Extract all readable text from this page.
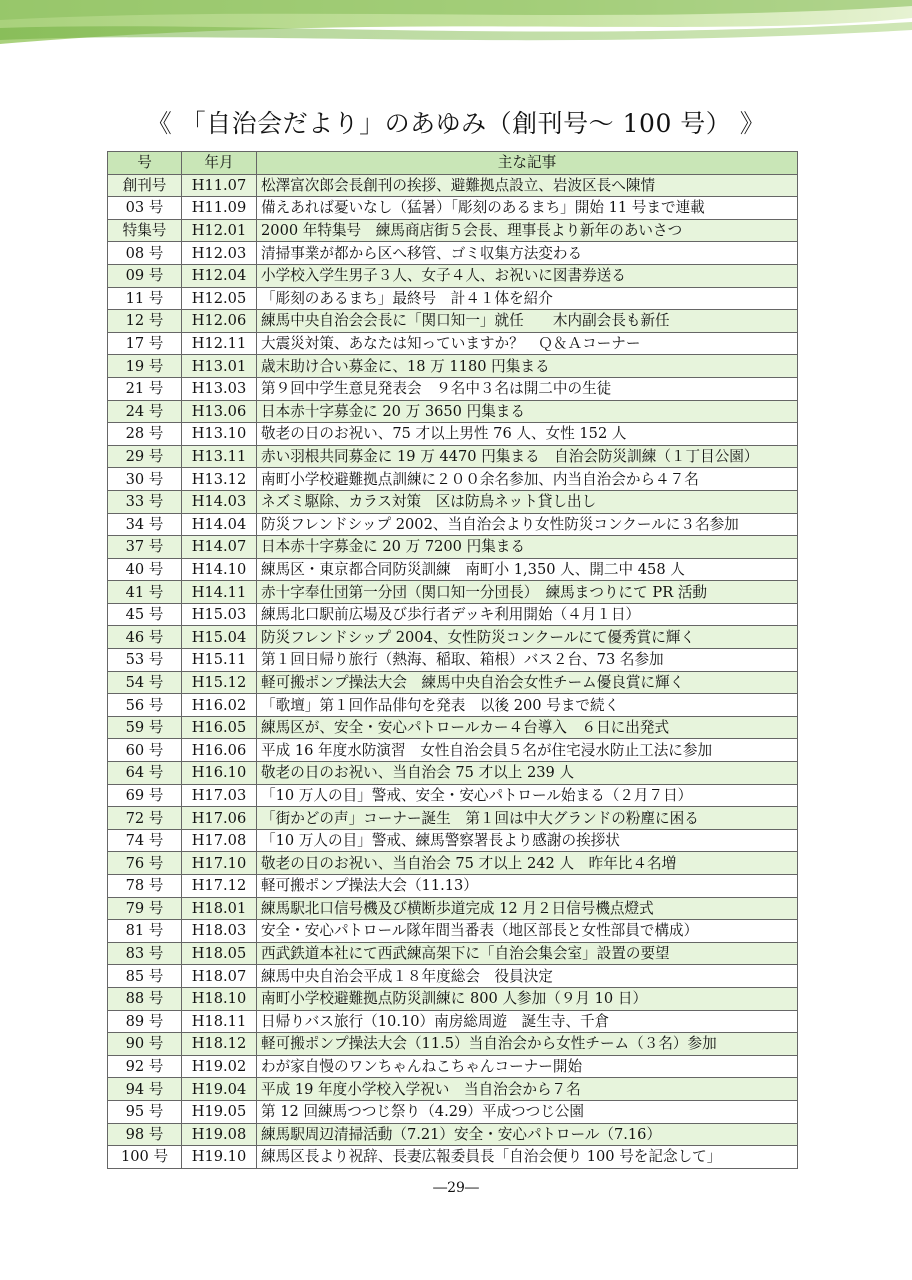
《 「自治会だより」のあゆみ（創刊号～ 100 号） 》
号	年月	主な記事
創刊号	H11.07	松澤富次郎会長創刊の挨拶、避難拠点設立、岩波区長へ陳情
03 号	H11.09	備えあれば憂いなし（猛暑）「彫刻のあるまち」開始 11 号まで連載
特集号	H12.01	2000 年特集号　練馬商店街５会長、理事長より新年のあいさつ
08 号	H12.03	清掃事業が都から区へ移管、ゴミ収集方法変わる
09 号	H12.04	小学校入学生男子３人、女子４人、お祝いに図書券送る
11 号	H12.05	「彫刻のあるまち」最終号　計４１体を紹介
12 号	H12.06	練馬中央自治会会長に「関口知一」就任　　木内副会長も新任
17 号	H12.11	大震災対策、あなたは知っていますか？　Ｑ＆Ａコーナー
19 号	H13.01	歳末助け合い募金に、18 万 1180 円集まる
21 号	H13.03	第９回中学生意見発表会　９名中３名は開二中の生徒
24 号	H13.06	日本赤十字募金に 20 万 3650 円集まる
28 号	H13.10	敬老の日のお祝い、75 才以上男性 76 人、女性 152 人
29 号	H13.11	赤い羽根共同募金に 19 万 4470 円集まる　自治会防災訓練（１丁目公園）
30 号	H13.12	南町小学校避難拠点訓練に２００余名参加、内当自治会から４７名
33 号	H14.03	ネズミ駆除、カラス対策　区は防鳥ネット貸し出し
34 号	H14.04	防災フレンドシップ 2002、当自治会より女性防災コンクールに３名参加
37 号	H14.07	日本赤十字募金に 20 万 7200 円集まる
40 号	H14.10	練馬区・東京都合同防災訓練　南町小 1,350 人、開二中 458 人
41 号	H14.11	赤十字奉仕団第一分団（関口知一分団長）　練馬まつりにて PR 活動
45 号	H15.03	練馬北口駅前広場及び歩行者デッキ利用開始（４月１日）
46 号	H15.04	防災フレンドシップ 2004、女性防災コンクールにて優秀賞に輝く
53 号	H15.11	第１回日帰り旅行（熱海、稲取、箱根）バス２台、73 名参加
54 号	H15.12	軽可搬ポンプ操法大会　練馬中央自治会女性チーム優良賞に輝く
56 号	H16.02	「歌壇」第１回作品俳句を発表　以後 200 号まで続く
59 号	H16.05	練馬区が、安全・安心パトロールカー４台導入　６日に出発式
60 号	H16.06	平成 16 年度水防演習　女性自治会員５名が住宅浸水防止工法に参加
64 号	H16.10	敬老の日のお祝い、当自治会 75 才以上 239 人
69 号	H17.03	「10 万人の目」警戒、安全・安心パトロール始まる（２月７日）
72 号	H17.06	「街かどの声」コーナー誕生　第１回は中大グランドの粉塵に困る
74 号	H17.08	「10 万人の目」警戒、練馬警察署長より感謝の挨拶状
76 号	H17.10	敬老の日のお祝い、当自治会 75 才以上 242 人　昨年比４名増
78 号	H17.12	軽可搬ポンプ操法大会（11.13）
79 号	H18.01	練馬駅北口信号機及び横断歩道完成 12 月２日信号機点燈式
81 号	H18.03	安全・安心パトロール隊年間当番表（地区部長と女性部員で構成）
83 号	H18.05	西武鉄道本社にて西武練高架下に「自治会集会室」設置の要望
85 号	H18.07	練馬中央自治会平成１８年度総会　役員決定
88 号	H18.10	南町小学校避難拠点防災訓練に 800 人参加（９月 10 日）
89 号	H18.11	日帰りバス旅行（10.10）南房総周遊　誕生寺、千倉
90 号	H18.12	軽可搬ポンプ操法大会（11.5）当自治会から女性チーム（３名）参加
92 号	H19.02	わが家自慢のワンちゃんねこちゃんコーナー開始
94 号	H19.04	平成 19 年度小学校入学祝い　当自治会から７名
95 号	H19.05	第 12 回練馬つつじ祭り（4.29）平成つつじ公園
98 号	H19.08	練馬駅周辺清掃活動（7.21）安全・安心パトロール（7.16）
100 号	H19.10	練馬区長より祝辞、長妻広報委員長「自治会便り 100 号を記念して」
―29―
